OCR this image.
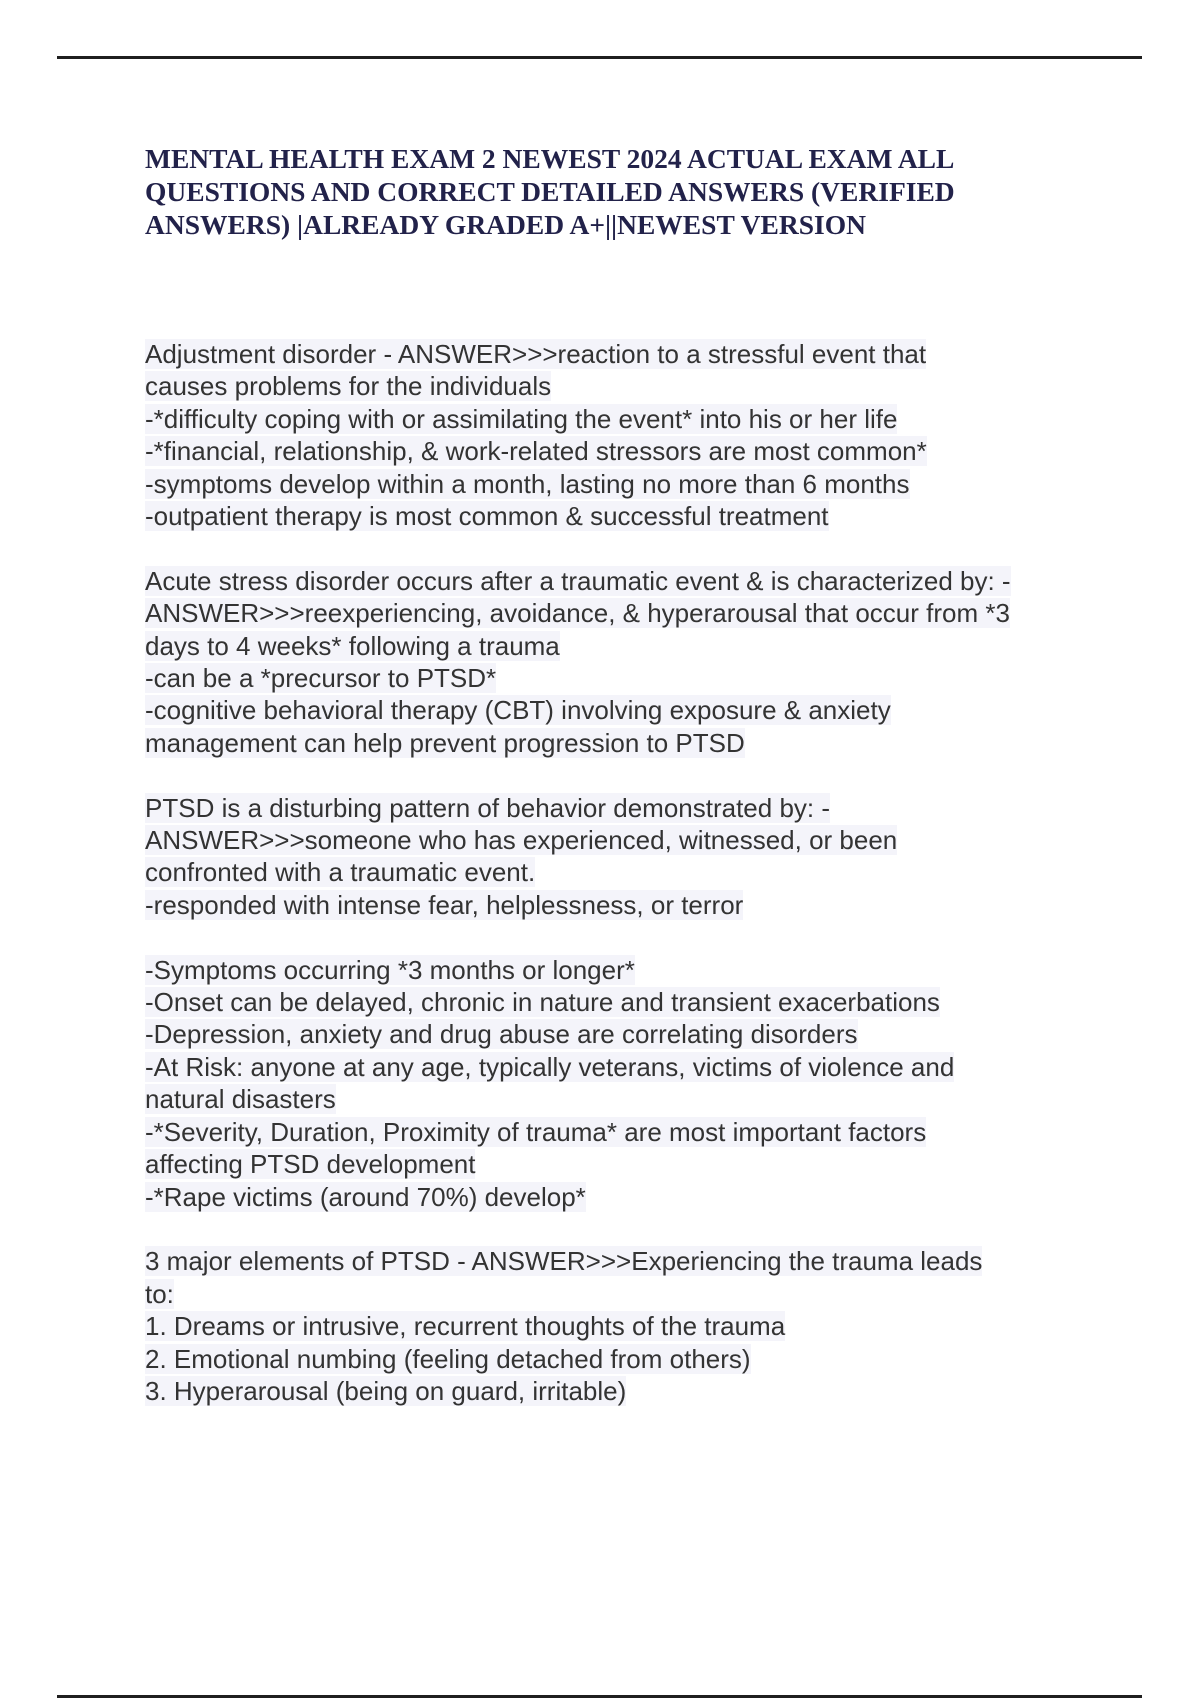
MENTAL HEALTH EXAM 2 NEWEST 2024 ACTUAL EXAM ALL
QUESTIONS AND CORRECT DETAILED ANSWERS (VERIFIED
ANSWERS) |ALREADY GRADED A+||NEWEST VERSION
Adjustment disorder - ANSWER>>>reaction to a stressful event that
causes problems for the individuals
-*difficulty coping with or assimilating the event* into his or her life
-*financial, relationship, & work-related stressors are most common*
-symptoms develop within a month, lasting no more than 6 months
-outpatient therapy is most common & successful treatment
Acute stress disorder occurs after a traumatic event & is characterized by: -
ANSWER>>>reexperiencing, avoidance, & hyperarousal that occur from *3
days to 4 weeks* following a trauma
-can be a *precursor to PTSD*
-cognitive behavioral therapy (CBT) involving exposure & anxiety
management can help prevent progression to PTSD
PTSD is a disturbing pattern of behavior demonstrated by: -
ANSWER>>>someone who has experienced, witnessed, or been
confronted with a traumatic event.
-responded with intense fear, helplessness, or terror
-Symptoms occurring *3 months or longer*
-Onset can be delayed, chronic in nature and transient exacerbations
-Depression, anxiety and drug abuse are correlating disorders
-At Risk: anyone at any age, typically veterans, victims of violence and
natural disasters
-*Severity, Duration, Proximity of trauma* are most important factors
affecting PTSD development
-*Rape victims (around 70%) develop*
3 major elements of PTSD - ANSWER>>>Experiencing the trauma leads
to:
1. Dreams or intrusive, recurrent thoughts of the trauma
2. Emotional numbing (feeling detached from others)
3. Hyperarousal (being on guard, irritable)
